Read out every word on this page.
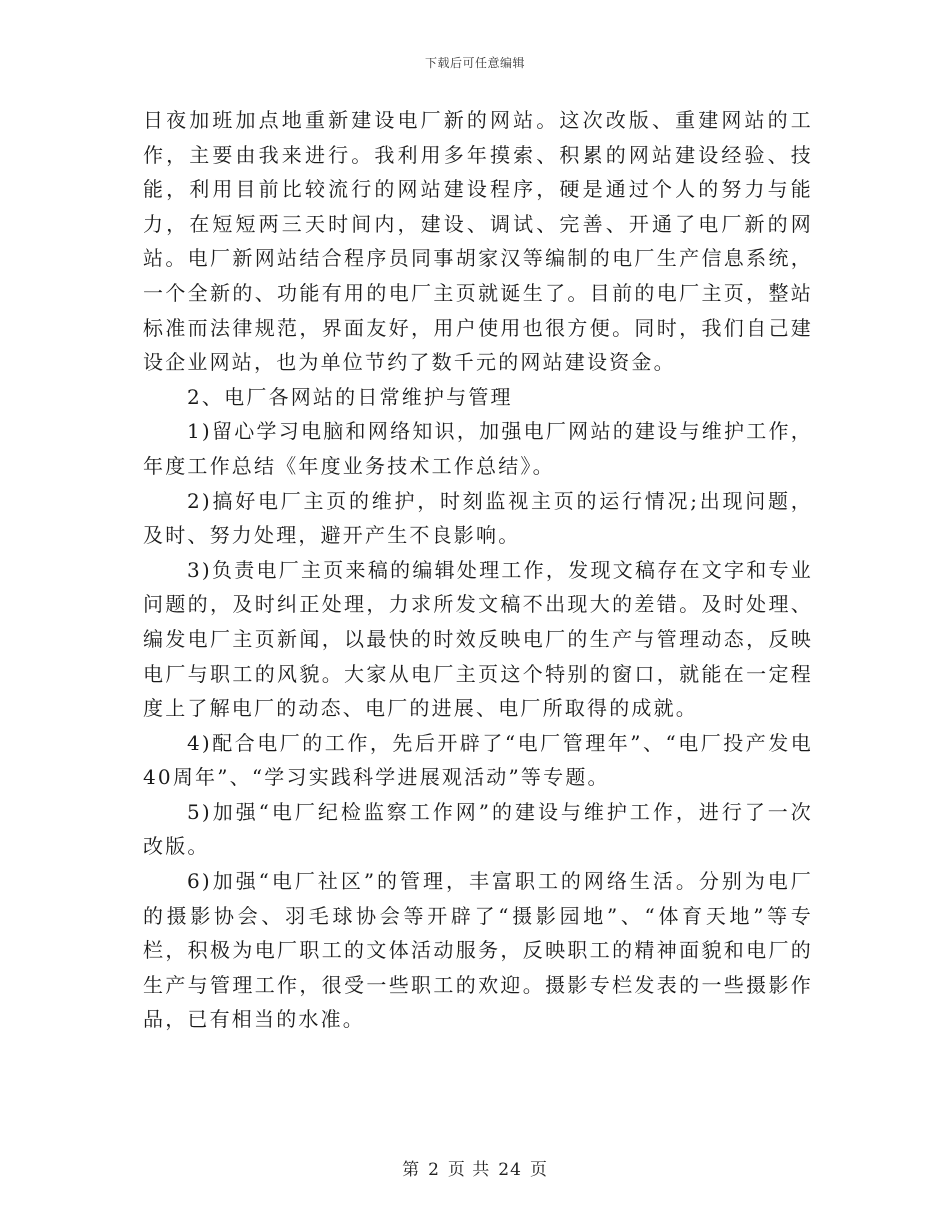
下载后可任意编辑

日夜加班加点地重新建设电厂新的网站。这次改版、重建网站的工作，主要由我来进行。我利用多年摸索、积累的网站建设经验、技能，利用目前比较流行的网站建设程序，硬是通过个人的努力与能力，在短短两三天时间内，建设、调试、完善、开通了电厂新的网站。电厂新网站结合程序员同事胡家汉等编制的电厂生产信息系统，一个全新的、功能有用的电厂主页就诞生了。目前的电厂主页，整站标准而法律规范，界面友好，用户使用也很方便。同时，我们自己建设企业网站，也为单位节约了数千元的网站建设资金。

2、电厂各网站的日常维护与管理

1)留心学习电脑和网络知识，加强电厂网站的建设与维护工作，年度工作总结《年度业务技术工作总结》。

2)搞好电厂主页的维护，时刻监视主页的运行情况;出现问题，及时、努力处理，避开产生不良影响。

3)负责电厂主页来稿的编辑处理工作，发现文稿存在文字和专业问题的，及时纠正处理，力求所发文稿不出现大的差错。及时处理、编发电厂主页新闻，以最快的时效反映电厂的生产与管理动态，反映电厂与职工的风貌。大家从电厂主页这个特别的窗口，就能在一定程度上了解电厂的动态、电厂的进展、电厂所取得的成就。

4)配合电厂的工作，先后开辟了“电厂管理年”、“电厂投产发电40周年”、“学习实践科学进展观活动”等专题。

5)加强“电厂纪检监察工作网”的建设与维护工作，进行了一次改版。

6)加强“电厂社区”的管理，丰富职工的网络生活。分别为电厂的摄影协会、羽毛球协会等开辟了“摄影园地”、“体育天地”等专栏，积极为电厂职工的文体活动服务，反映职工的精神面貌和电厂的生产与管理工作，很受一些职工的欢迎。摄影专栏发表的一些摄影作品，已有相当的水准。

第 2 页 共 24 页
